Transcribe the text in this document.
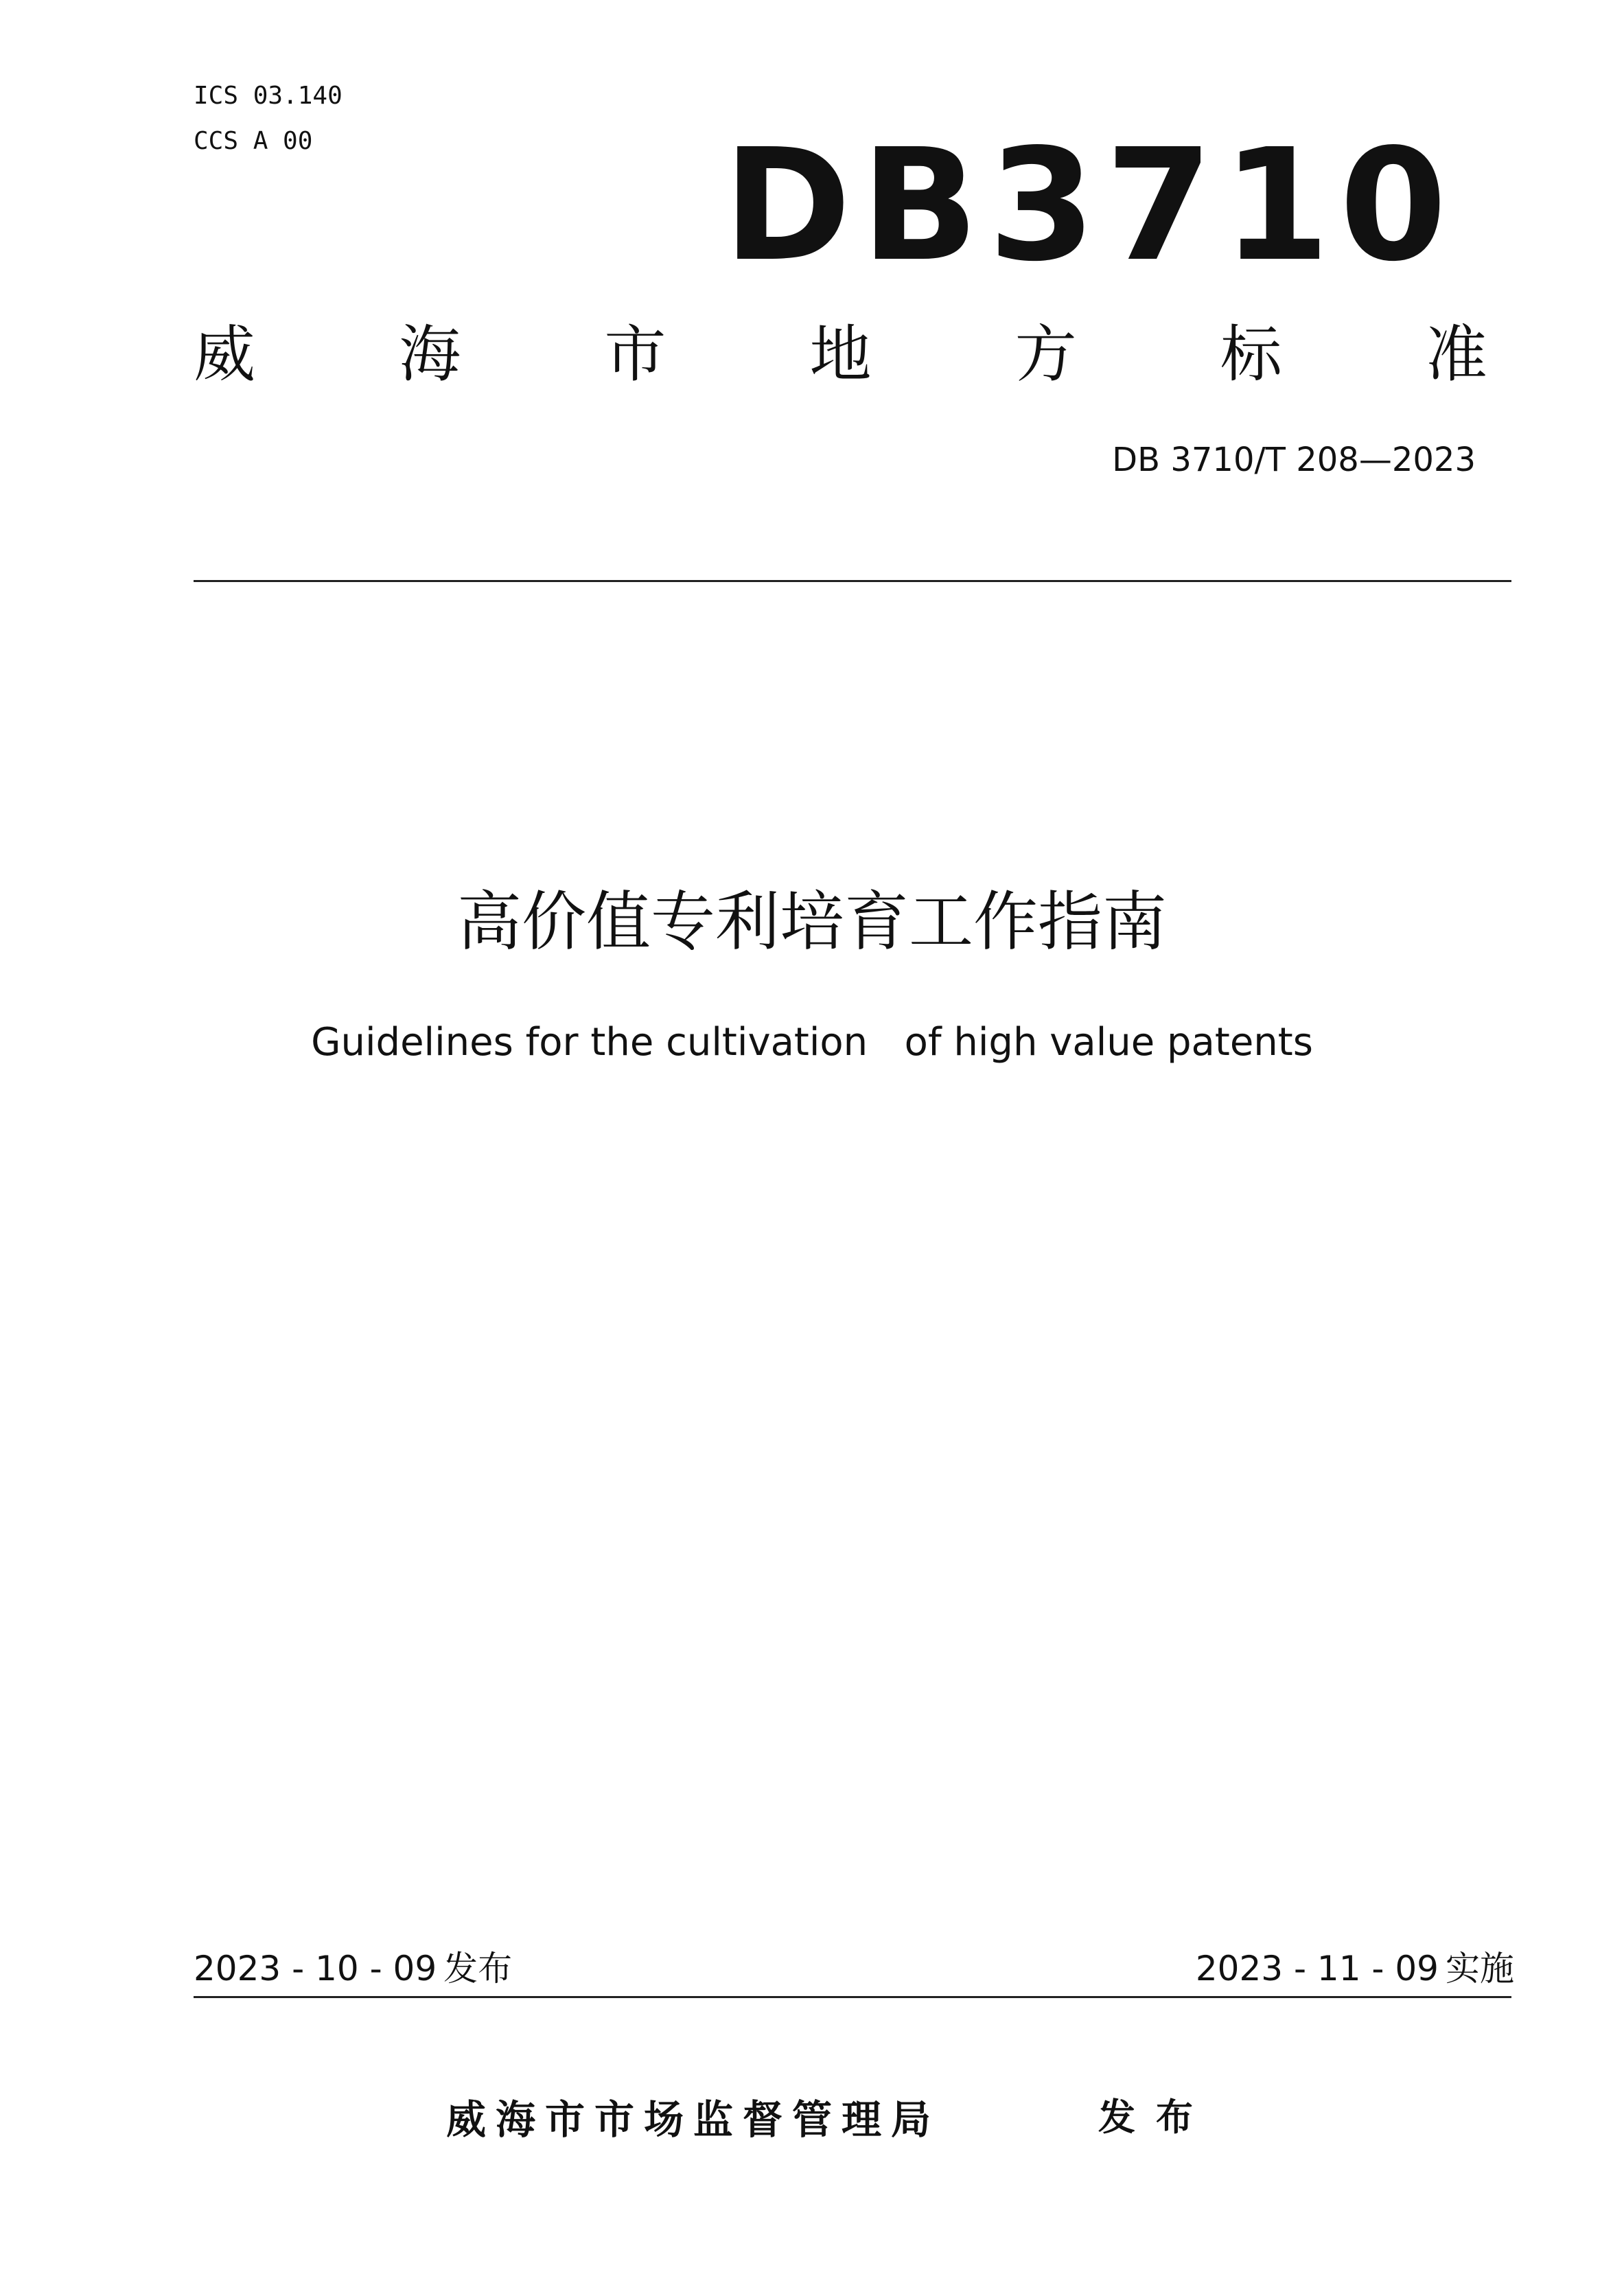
ICS 03.140
CCS A 00	DB3710
威 海 市 地 方 标 准
DB 3710/T 208—2023
高价值专利培育工作指南
Guidelines for the cultivation   of high value patents
2023 - 10 - 09 发布	2023 - 11 - 09 实施
威海市市场监督管理局	发布
